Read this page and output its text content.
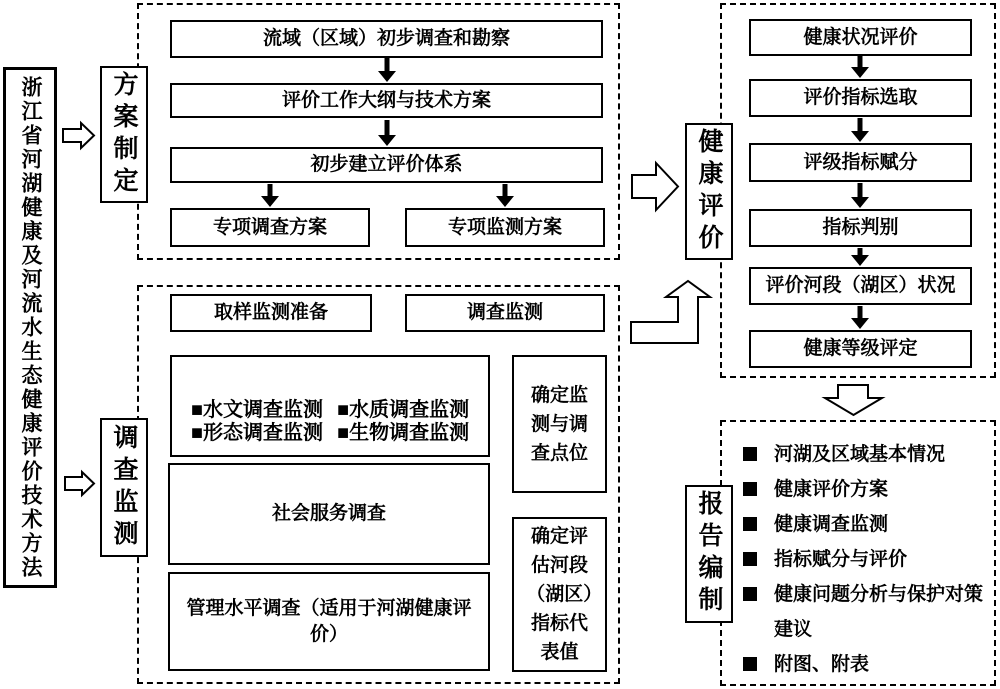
浙江省河湖健康及河流水生态健康评价技术方法	方案制定
调查监测
健康评价
报告编制
流域（区域）初步调查和勘察
评价工作大纲与技术方案
初步建立评价体系
专项调查方案	专项监测方案
取样监测准备	调查监测
■水文调查监测 ■水质调查监测
■形态调查监测 ■生物调查监测
确定监测与调查点位
社会服务调查
管理水平调查（适用于河湖健康评价）
确定评估河段（湖区）指标代表值
健康状况评价
评价指标选取
评级指标赋分
指标判别
评价河段（湖区）状况
健康等级评定
河湖及区域基本情况
健康评价方案
健康调查监测
指标赋分与评价
健康问题分析与保护对策建议
附图、附表
